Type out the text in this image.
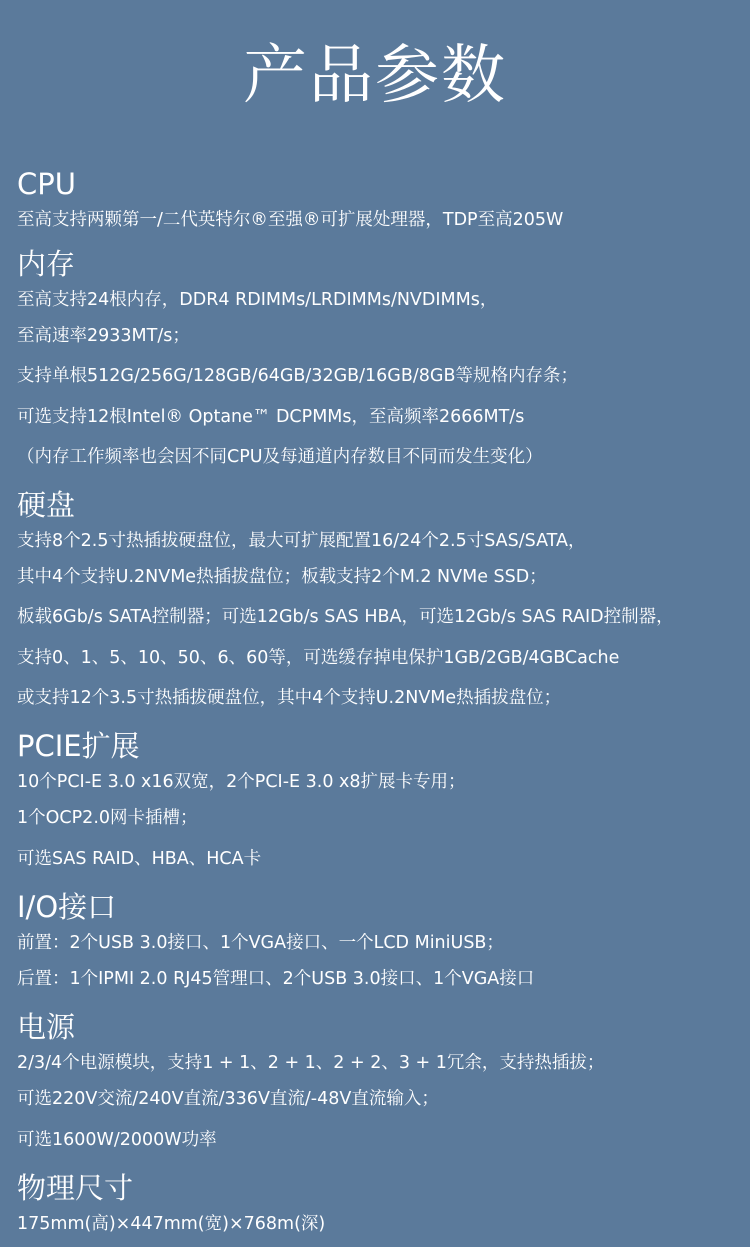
产品参数
CPU
至高支持两颗第一/二代英特尔®至强®可扩展处理器，TDP至高205W
内存
至高支持24根内存，DDR4 RDIMMs/LRDIMMs/NVDIMMs，
至高速率2933MT/s；
支持单根512G/256G/128GB/64GB/32GB/16GB/8GB等规格内存条；
可选支持12根Intel® Optane™ DCPMMs，至高频率2666MT/s
（内存工作频率也会因不同CPU及每通道内存数目不同而发生变化）
硬盘
支持8个2.5寸热插拔硬盘位，最大可扩展配置16/24个2.5寸SAS/SATA，
其中4个支持U.2NVMe热插拔盘位；板载支持2个M.2 NVMe SSD；
板载6Gb/s SATA控制器；可选12Gb/s SAS HBA，可选12Gb/s SAS RAID控制器，
支持0、1、5、10、50、6、60等，可选缓存掉电保护1GB/2GB/4GBCache
或支持12个3.5寸热插拔硬盘位，其中4个支持U.2NVMe热插拔盘位；
PCIE扩展
10个PCI-E 3.0 x16双宽，2个PCI-E 3.0 x8扩展卡专用；
1个OCP2.0网卡插槽；
可选SAS RAID、HBA、HCA卡
I/O接口
前置：2个USB 3.0接口、1个VGA接口、一个LCD MiniUSB；
后置：1个IPMI 2.0 RJ45管理口、2个USB 3.0接口、1个VGA接口
电源
2/3/4个电源模块，支持1 + 1、2 + 1、2 + 2、3 + 1冗余，支持热插拔；
可选220V交流/240V直流/336V直流/-48V直流输入；
可选1600W/2000W功率
物理尺寸
175mm(高)×447mm(宽)×768m(深)
